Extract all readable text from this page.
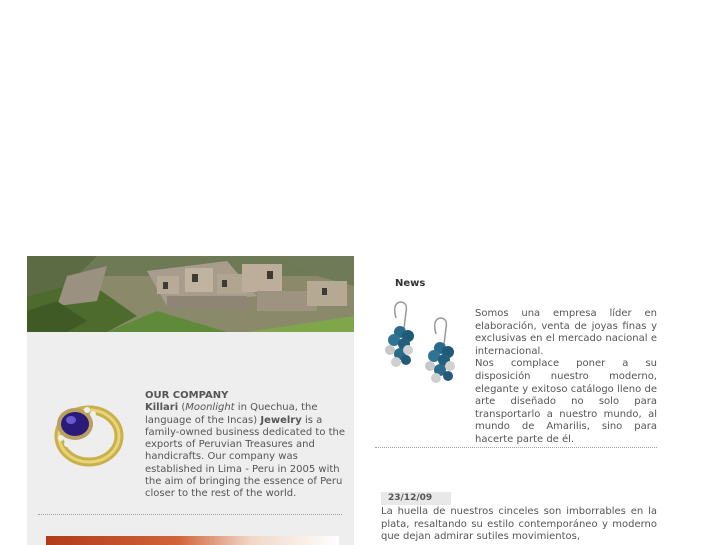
OUR COMPANY
Killari (Moonlight in Quechua, the language of the Incas) Jewelry is a family-owned business dedicated to the exports of Peruvian Treasures and handicrafts. Our company was established in Lima - Peru in 2005 with the aim of bringing the essence of Peru closer to the rest of the world.
News
Somos una empresa líder en elaboración, venta de joyas finas y exclusivas en el mercado nacional e internacional.
Nos complace poner a su disposición nuestro moderno, elegante y exitoso catálogo lleno de arte diseñado no solo para transportarlo a nuestro mundo, al mundo de Amarilis, sino para hacerte parte de él.
23/12/09
La huella de nuestros cinceles son imborrables en la plata, resaltando su estilo contemporáneo y moderno que dejan admirar sutiles movimientos,
